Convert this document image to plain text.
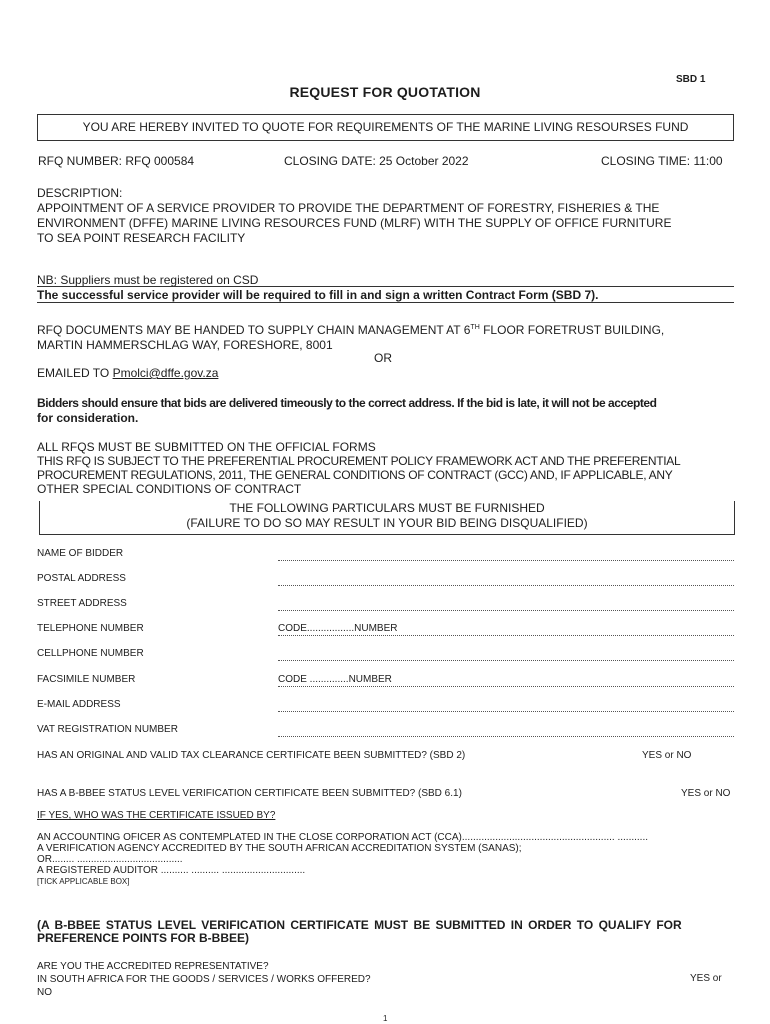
SBD 1
REQUEST FOR QUOTATION
YOU ARE HEREBY INVITED TO QUOTE FOR REQUIREMENTS OF THE MARINE LIVING RESOURSES FUND
RFQ NUMBER: RFQ 000584	CLOSING DATE: 25 October 2022	CLOSING TIME: 11:00
DESCRIPTION:
APPOINTMENT OF A SERVICE PROVIDER TO PROVIDE THE DEPARTMENT OF FORESTRY, FISHERIES & THE
ENVIRONMENT (DFFE) MARINE LIVING RESOURCES FUND (MLRF) WITH THE SUPPLY OF OFFICE FURNITURE
TO SEA POINT RESEARCH FACILITY
NB: Suppliers must be registered on CSD
The successful service provider will be required to fill in and sign a written Contract Form (SBD 7).
RFQ DOCUMENTS MAY BE HANDED TO SUPPLY CHAIN MANAGEMENT AT 6TH FLOOR FORETRUST BUILDING,
MARTIN HAMMERSCHLAG WAY, FORESHORE, 8001
OR
EMAILED TO Pmolci@dffe.gov.za
Bidders should ensure that bids are delivered timeously to the correct address. If the bid is late, it will not be accepted
for consideration.
ALL RFQS MUST BE SUBMITTED ON THE OFFICIAL FORMS
THIS RFQ IS SUBJECT TO THE PREFERENTIAL PROCUREMENT POLICY FRAMEWORK ACT AND THE PREFERENTIAL
PROCUREMENT REGULATIONS, 2011, THE GENERAL CONDITIONS OF CONTRACT (GCC) AND, IF APPLICABLE, ANY
OTHER SPECIAL CONDITIONS OF CONTRACT
THE FOLLOWING PARTICULARS MUST BE FURNISHED
(FAILURE TO DO SO MAY RESULT IN YOUR BID BEING DISQUALIFIED)
NAME OF BIDDER
POSTAL ADDRESS
STREET ADDRESS
TELEPHONE NUMBER	CODE.................NUMBER
CELLPHONE NUMBER
FACSIMILE NUMBER	CODE ..............NUMBER
E-MAIL ADDRESS
VAT REGISTRATION NUMBER
HAS AN ORIGINAL AND VALID TAX CLEARANCE CERTIFICATE BEEN SUBMITTED? (SBD 2)	YES or NO
HAS A B-BBEE STATUS LEVEL VERIFICATION CERTIFICATE BEEN SUBMITTED? (SBD 6.1)	YES or NO
IF YES, WHO WAS THE CERTIFICATE ISSUED BY?
AN ACCOUNTING OFICER AS CONTEMPLATED IN THE CLOSE CORPORATION ACT (CCA)....................................................... ...........
A VERIFICATION AGENCY ACCREDITED BY THE SOUTH AFRICAN ACCREDITATION SYSTEM (SANAS);
OR........ ......................................
A REGISTERED AUDITOR .......... .......... ..............................
[TICK APPLICABLE BOX]
(A B-BBEE STATUS LEVEL VERIFICATION CERTIFICATE MUST BE SUBMITTED IN ORDER TO QUALIFY FOR
PREFERENCE POINTS FOR B-BBEE)
ARE YOU THE ACCREDITED REPRESENTATIVE?
IN SOUTH AFRICA FOR THE GOODS / SERVICES / WORKS OFFERED?
NO
YES or
1
